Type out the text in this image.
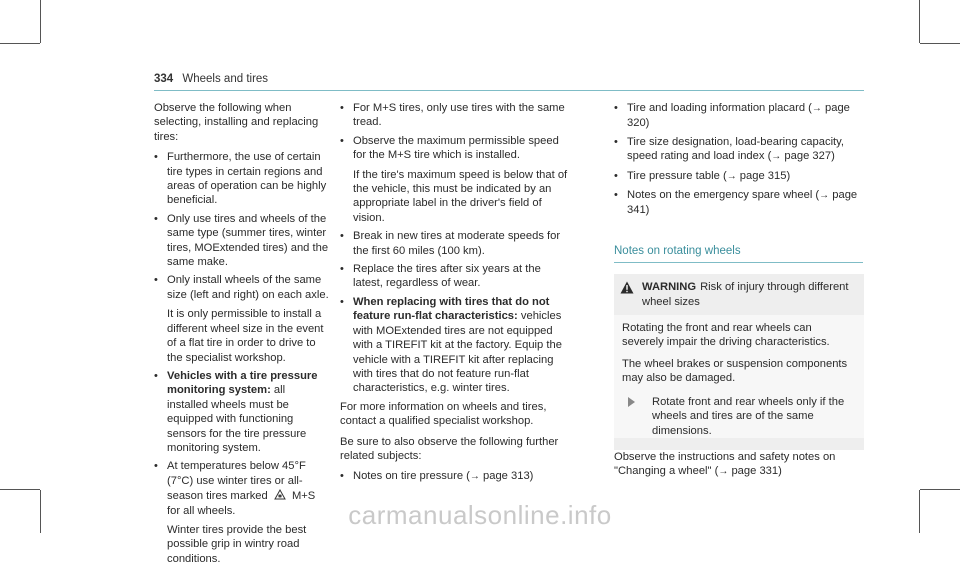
334 Wheels and tires

Observe the following when selecting, installing and replacing tires:

• Furthermore, the use of certain tire types in certain regions and areas of operation can be highly beneficial.
• Only use tires and wheels of the same type (summer tires, winter tires, MOExtended tires) and the same make.
• Only install wheels of the same size (left and right) on each axle.
It is only permissible to install a different wheel size in the event of a flat tire in order to drive to the specialist workshop.
• Vehicles with a tire pressure monitoring system: all installed wheels must be equipped with functioning sensors for the tire pressure monitoring system.
• At temperatures below 45°F (7°C) use winter tires or all-season tires marked M+S for all wheels.
Winter tires provide the best possible grip in wintry road conditions.
• For M+S tires, only use tires with the same tread.
• Observe the maximum permissible speed for the M+S tire which is installed.
If the tire's maximum speed is below that of the vehicle, this must be indicated by an appropriate label in the driver's field of vision.
• Break in new tires at moderate speeds for the first 60 miles (100 km).
• Replace the tires after six years at the latest, regardless of wear.
• When replacing with tires that do not feature run-flat characteristics: vehicles with MOExtended tires are not equipped with a TIREFIT kit at the factory. Equip the vehicle with a TIREFIT kit after replacing with tires that do not feature run-flat characteristics, e.g. winter tires.

For more information on wheels and tires, contact a qualified specialist workshop.

Be sure to also observe the following further related subjects:

• Notes on tire pressure (→ page 313)
• Tire and loading information placard (→ page 320)
• Tire size designation, load-bearing capacity, speed rating and load index (→ page 327)
• Tire pressure table (→ page 315)
• Notes on the emergency spare wheel (→ page 341)
Notes on rotating wheels
WARNING Risk of injury through different wheel sizes

Rotating the front and rear wheels can severely impair the driving characteristics.

The wheel brakes or suspension components may also be damaged.

Rotate front and rear wheels only if the wheels and tires are of the same dimensions.

Observe the instructions and safety notes on "Changing a wheel" (→ page 331)

carmanualsonline.info
